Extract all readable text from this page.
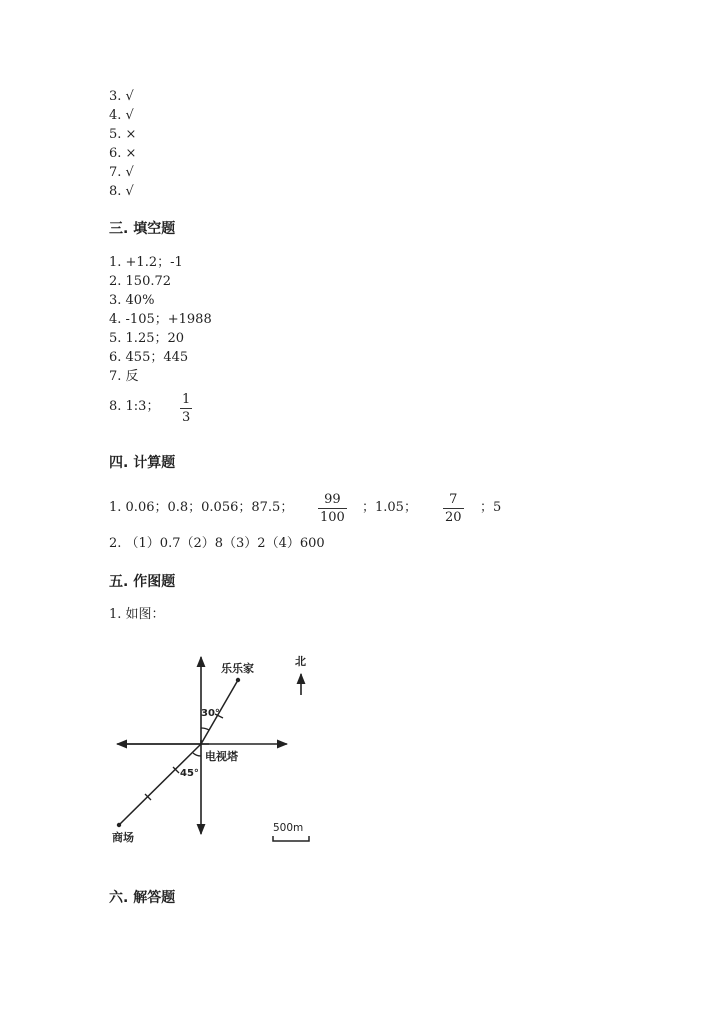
3. √
4. √
5. ×
6. ×
7. √
8. √
三. 填空题
1. +1.2；-1
2. 150.72
3. 40%
4. -105；+1988
5. 1.25；20
6. 455；445
7. 反
8. 1:3； 1
3
四. 计算题
1. 0.06；0.8；0.056；87.5；
99
100
；1.05；
7
20
；5
2. （1）0.7（2）8（3）2（4）600
五. 作图题
1. 如图：
乐乐家
北
30°
电视塔
45°
商场
500m
六. 解答题
